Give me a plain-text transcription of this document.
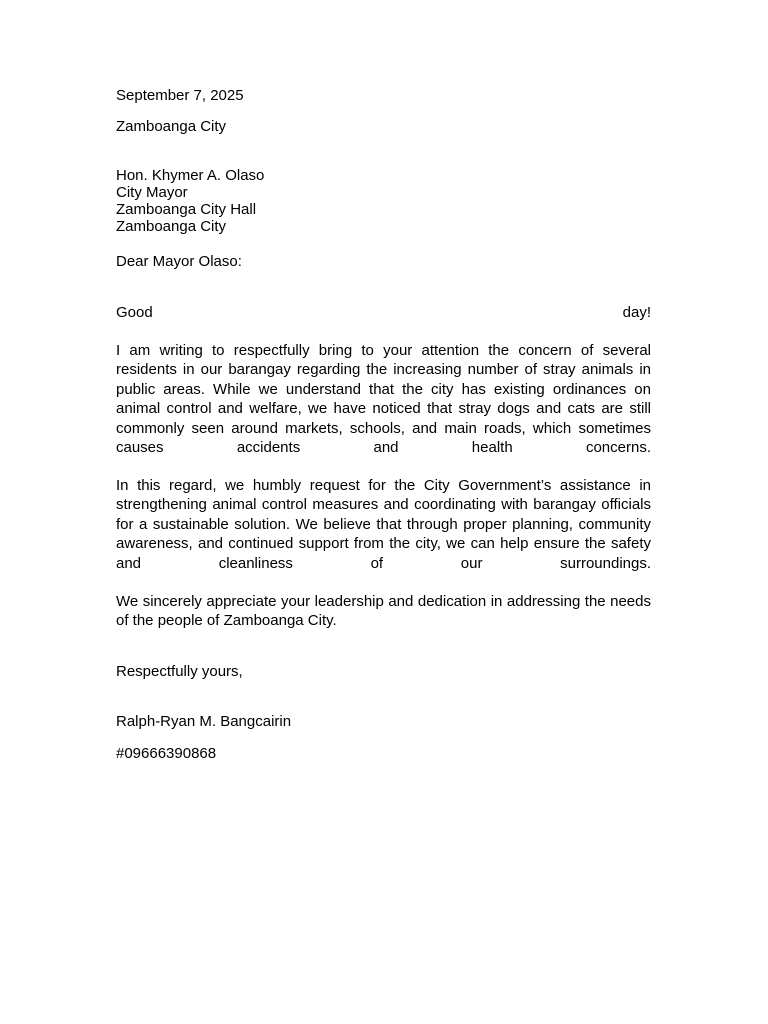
September 7, 2025
Zamboanga City
Hon. Khymer A. Olaso
City Mayor
Zamboanga City Hall
Zamboanga City
Dear Mayor Olaso:
Good	day!
I am writing to respectfully bring to your attention the concern of several residents in our barangay regarding the increasing number of stray animals in public areas. While we understand that the city has existing ordinances on animal control and welfare, we have noticed that stray dogs and cats are still commonly seen around markets, schools, and main roads, which sometimes causes accidents and health concerns.
In this regard, we humbly request for the City Government’s assistance in strengthening animal control measures and coordinating with barangay officials for a sustainable solution. We believe that through proper planning, community awareness, and continued support from the city, we can help ensure the safety and cleanliness of our surroundings.
We sincerely appreciate your leadership and dedication in addressing the needs of the people of Zamboanga City.
Respectfully yours,
Ralph-Ryan M. Bangcairin
#09666390868
